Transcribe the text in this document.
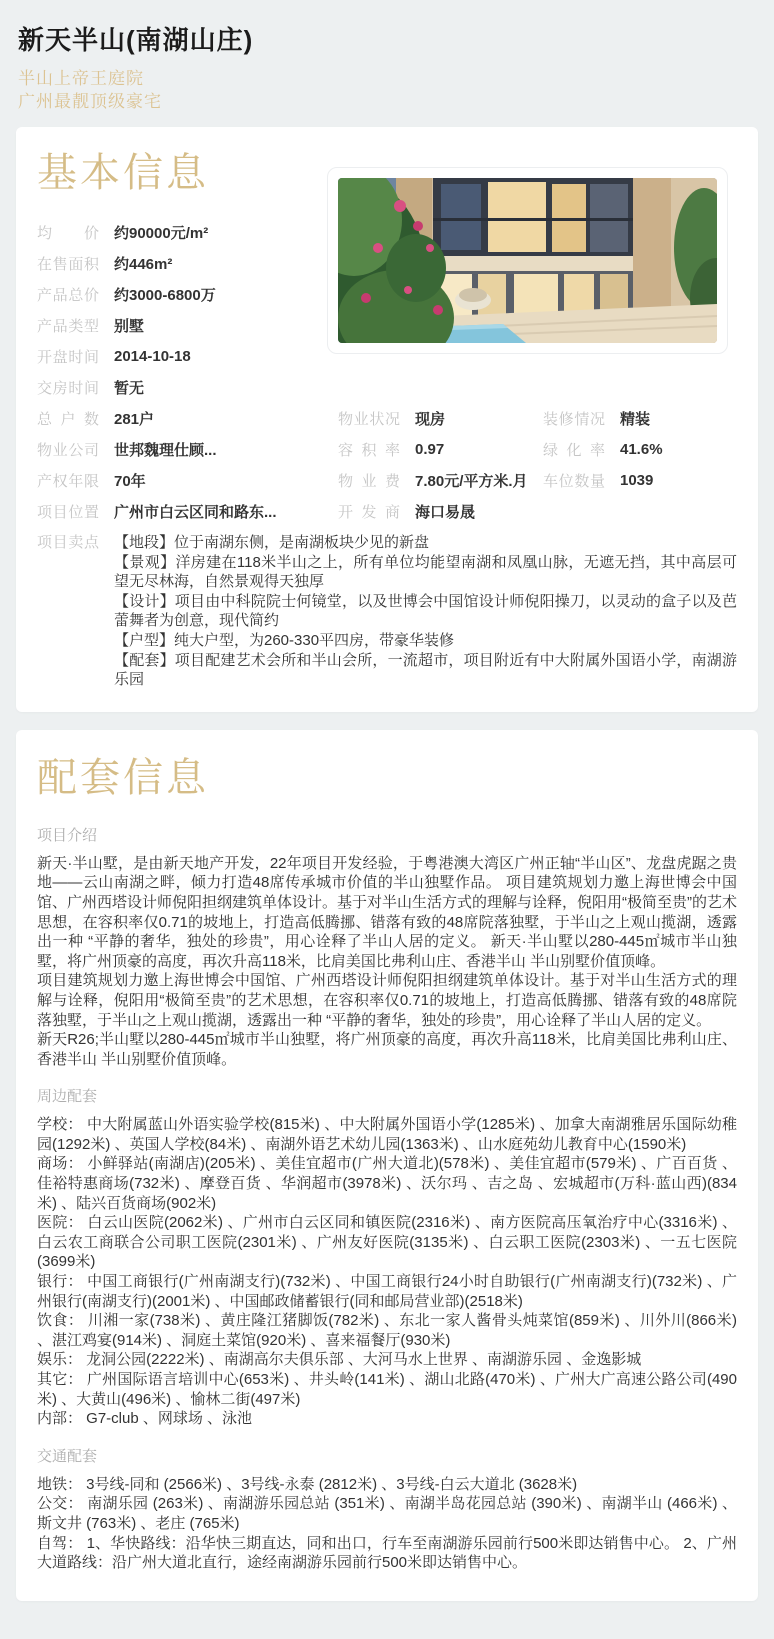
新天半山(南湖山庄)
半山上帝王庭院
广州最靓顶级豪宅
基本信息
均价 约90000元/m²
在售面积 约446m²
产品总价 约3000-6800万
产品类型 别墅
开盘时间 2014-10-18
交房时间 暂无
总户数 281户
物业公司 世邦魏理仕顾...
产权年限 70年
项目位置 广州市白云区同和路东...
物业状况 现房	装修情况 精装
容积率 0.97	绿化率 41.6%
物业费 7.80元/平方米.月	车位数量 1039
开发商 海口易晟
项目卖点 【地段】位于南湖东侧，是南湖板块少见的新盘
【景观】洋房建在118米半山之上，所有单位均能望南湖和凤凰山脉，无遮无挡，其中高层可望无尽林海，自然景观得天独厚
【设计】项目由中科院院士何镜堂，以及世博会中国馆设计师倪阳操刀，以灵动的盒子以及芭蕾舞者为创意，现代简约
【户型】纯大户型，为260-330平四房，带豪华装修
【配套】项目配建艺术会所和半山会所，一流超市，项目附近有中大附属外国语小学，南湖游乐园
配套信息
项目介绍

新天·半山墅，是由新天地产开发，22年项目开发经验，于粤港澳大湾区广州正轴“半山区”、龙盘虎踞之贵地——云山南湖之畔，倾力打造48席传承城市价值的半山独墅作品。 项目建筑规划力邀上海世博会中国馆、广州西塔设计师倪阳担纲建筑单体设计。基于对半山生活方式的理解与诠释，倪阳用“极简至贵”的艺术思想，在容积率仅0.71的坡地上，打造高低腾挪、错落有致的48席院落独墅，于半山之上观山揽湖，透露出一种 “平静的奢华，独处的珍贵”，用心诠释了半山人居的定义。 新天·半山墅以280-445㎡城市半山独墅，将广州顶豪的高度，再次升高118米，比肩美国比弗利山庄、香港半山 半山别墅价值顶峰。

项目建筑规划力邀上海世博会中国馆、广州西塔设计师倪阳担纲建筑单体设计。基于对半山生活方式的理解与诠释，倪阳用“极简至贵”的艺术思想，在容积率仅0.71的坡地上，打造高低腾挪、错落有致的48席院落独墅，于半山之上观山揽湖，透露出一种 “平静的奢华，独处的珍贵”，用心诠释了半山人居的定义。

新天R26;半山墅以280-445㎡城市半山独墅，将广州顶豪的高度，再次升高118米，比肩美国比弗利山庄、香港半山 半山别墅价值顶峰。

周边配套
学校： 中大附属蓝山外语实验学校(815米) 、中大附属外国语小学(1285米) 、加拿大南湖雅居乐国际幼稚园(1292米) 、英国人学校(84米) 、南湖外语艺术幼儿园(1363米) 、山水庭苑幼儿教育中心(1590米)
商场： 小鲜驿站(南湖店)(205米) 、美佳宜超市(广州大道北)(578米) 、美佳宜超市(579米) 、广百百货 、佳裕特惠商场(732米) 、摩登百货 、华润超市(3978米) 、沃尔玛 、吉之岛 、宏城超市(万科·蓝山西)(834米) 、陆兴百货商场(902米)
医院： 白云山医院(2062米) 、广州市白云区同和镇医院(2316米) 、南方医院高压氧治疗中心(3316米) 、白云农工商联合公司职工医院(2301米) 、广州友好医院(3135米) 、白云职工医院(2303米) 、一五七医院(3699米)
银行： 中国工商银行(广州南湖支行)(732米) 、中国工商银行24小时自助银行(广州南湖支行)(732米) 、广州银行(南湖支行)(2001米) 、中国邮政储蓄银行(同和邮局营业部)(2518米)
饮食： 川湘一家(738米) 、黄庄隆江猪脚饭(782米) 、东北一家人酱骨头炖菜馆(859米) 、川外川(866米) 、湛江鸡宴(914米) 、洞庭土菜馆(920米) 、喜来福餐厅(930米)
娱乐： 龙洞公园(2222米) 、南湖高尔夫俱乐部 、大河马水上世界 、南湖游乐园 、金逸影城
其它： 广州国际语言培训中心(653米) 、井头岭(141米) 、湖山北路(470米) 、广州大广高速公路公司(490米) 、大黄山(496米) 、愉林二街(497米)
内部： G7-club 、网球场 、泳池
交通配套
地铁： 3号线-同和 (2566米) 、3号线-永泰 (2812米) 、3号线-白云大道北 (3628米)
公交： 南湖乐园 (263米) 、南湖游乐园总站 (351米) 、南湖半岛花园总站 (390米) 、南湖半山 (466米) 、斯文井 (763米) 、老庄 (765米)
自驾： 1、华快路线：沿华快三期直达，同和出口，行车至南湖游乐园前行500米即达销售中心。 2、广州大道路线：沿广州大道北直行，途经南湖游乐园前行500米即达销售中心。
